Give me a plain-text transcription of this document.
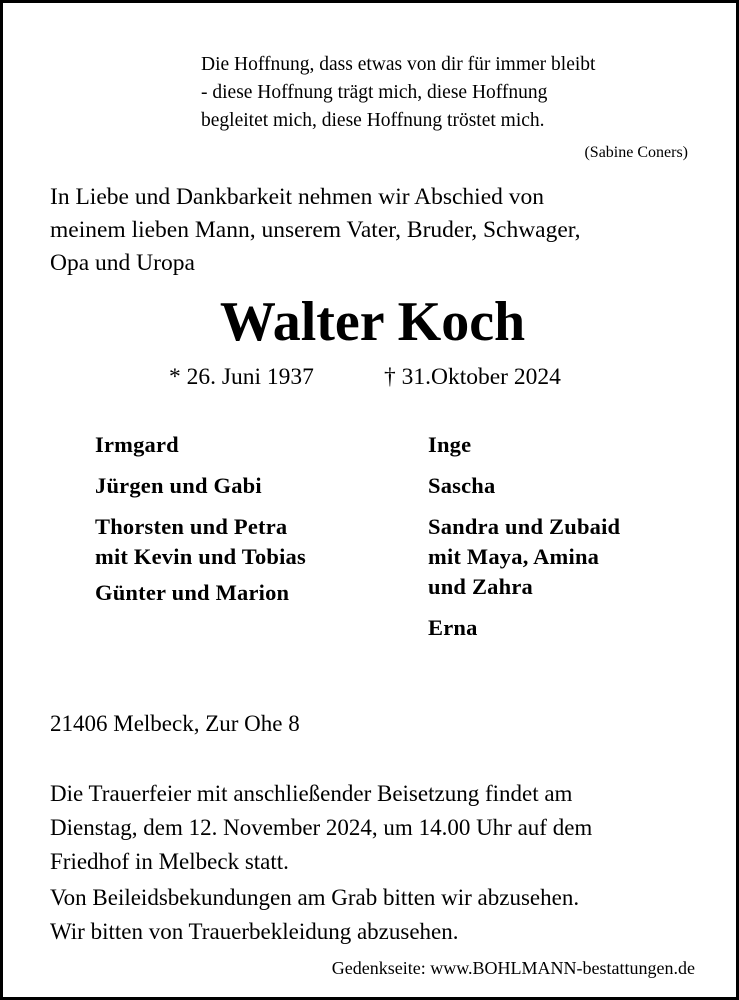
Die Hoffnung, dass etwas von dir für immer bleibt
- diese Hoffnung trägt mich, diese Hoffnung
begleitet mich, diese Hoffnung tröstet mich.
(Sabine Coners)
In Liebe und Dankbarkeit nehmen wir Abschied von
meinem lieben Mann, unserem Vater, Bruder, Schwager,
Opa und Uropa
Walter Koch
* 26. Juni 1937	† 31.Oktober 2024
Irmgard
Jürgen und Gabi
Thorsten und Petra
mit Kevin und Tobias
Günter und Marion
Inge
Sascha
Sandra und Zubaid
mit Maya, Amina
und Zahra
Erna
21406 Melbeck, Zur Ohe 8
Die Trauerfeier mit anschließender Beisetzung findet am
Dienstag, dem 12. November 2024, um 14.00 Uhr auf dem
Friedhof in Melbeck statt.
Von Beileidsbekundungen am Grab bitten wir abzusehen.
Wir bitten von Trauerbekleidung abzusehen.
Gedenkseite: www.BOHLMANN-bestattungen.de
